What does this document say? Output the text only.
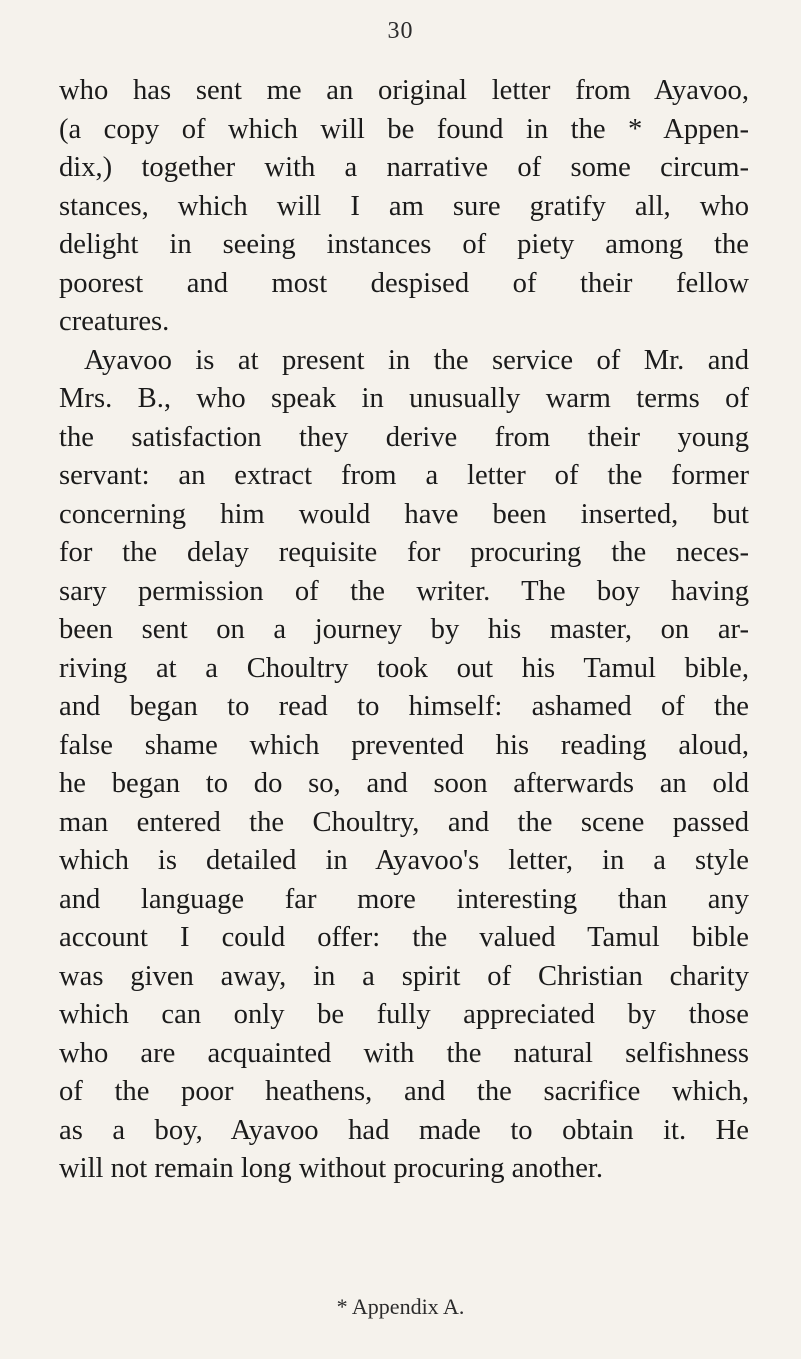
30
who has sent me an original letter from Ayavoo,
(a copy of which will be found in the * Appen-
dix,) together with a narrative of some circum-
stances, which will I am sure gratify all, who
delight in seeing instances of piety among the
poorest and most despised of their fellow
creatures.
Ayavoo is at present in the service of Mr. and
Mrs. B., who speak in unusually warm terms of
the satisfaction they derive from their young
servant: an extract from a letter of the former
concerning him would have been inserted, but
for the delay requisite for procuring the neces-
sary permission of the writer. The boy having
been sent on a journey by his master, on ar-
riving at a Choultry took out his Tamul bible,
and began to read to himself: ashamed of the
false shame which prevented his reading aloud,
he began to do so, and soon afterwards an old
man entered the Choultry, and the scene passed
which is detailed in Ayavoo's letter, in a style
and language far more interesting than any
account I could offer: the valued Tamul bible
was given away, in a spirit of Christian charity
which can only be fully appreciated by those
who are acquainted with the natural selfishness
of the poor heathens, and the sacrifice which,
as a boy, Ayavoo had made to obtain it. He
will not remain long without procuring another.
* Appendix A.
